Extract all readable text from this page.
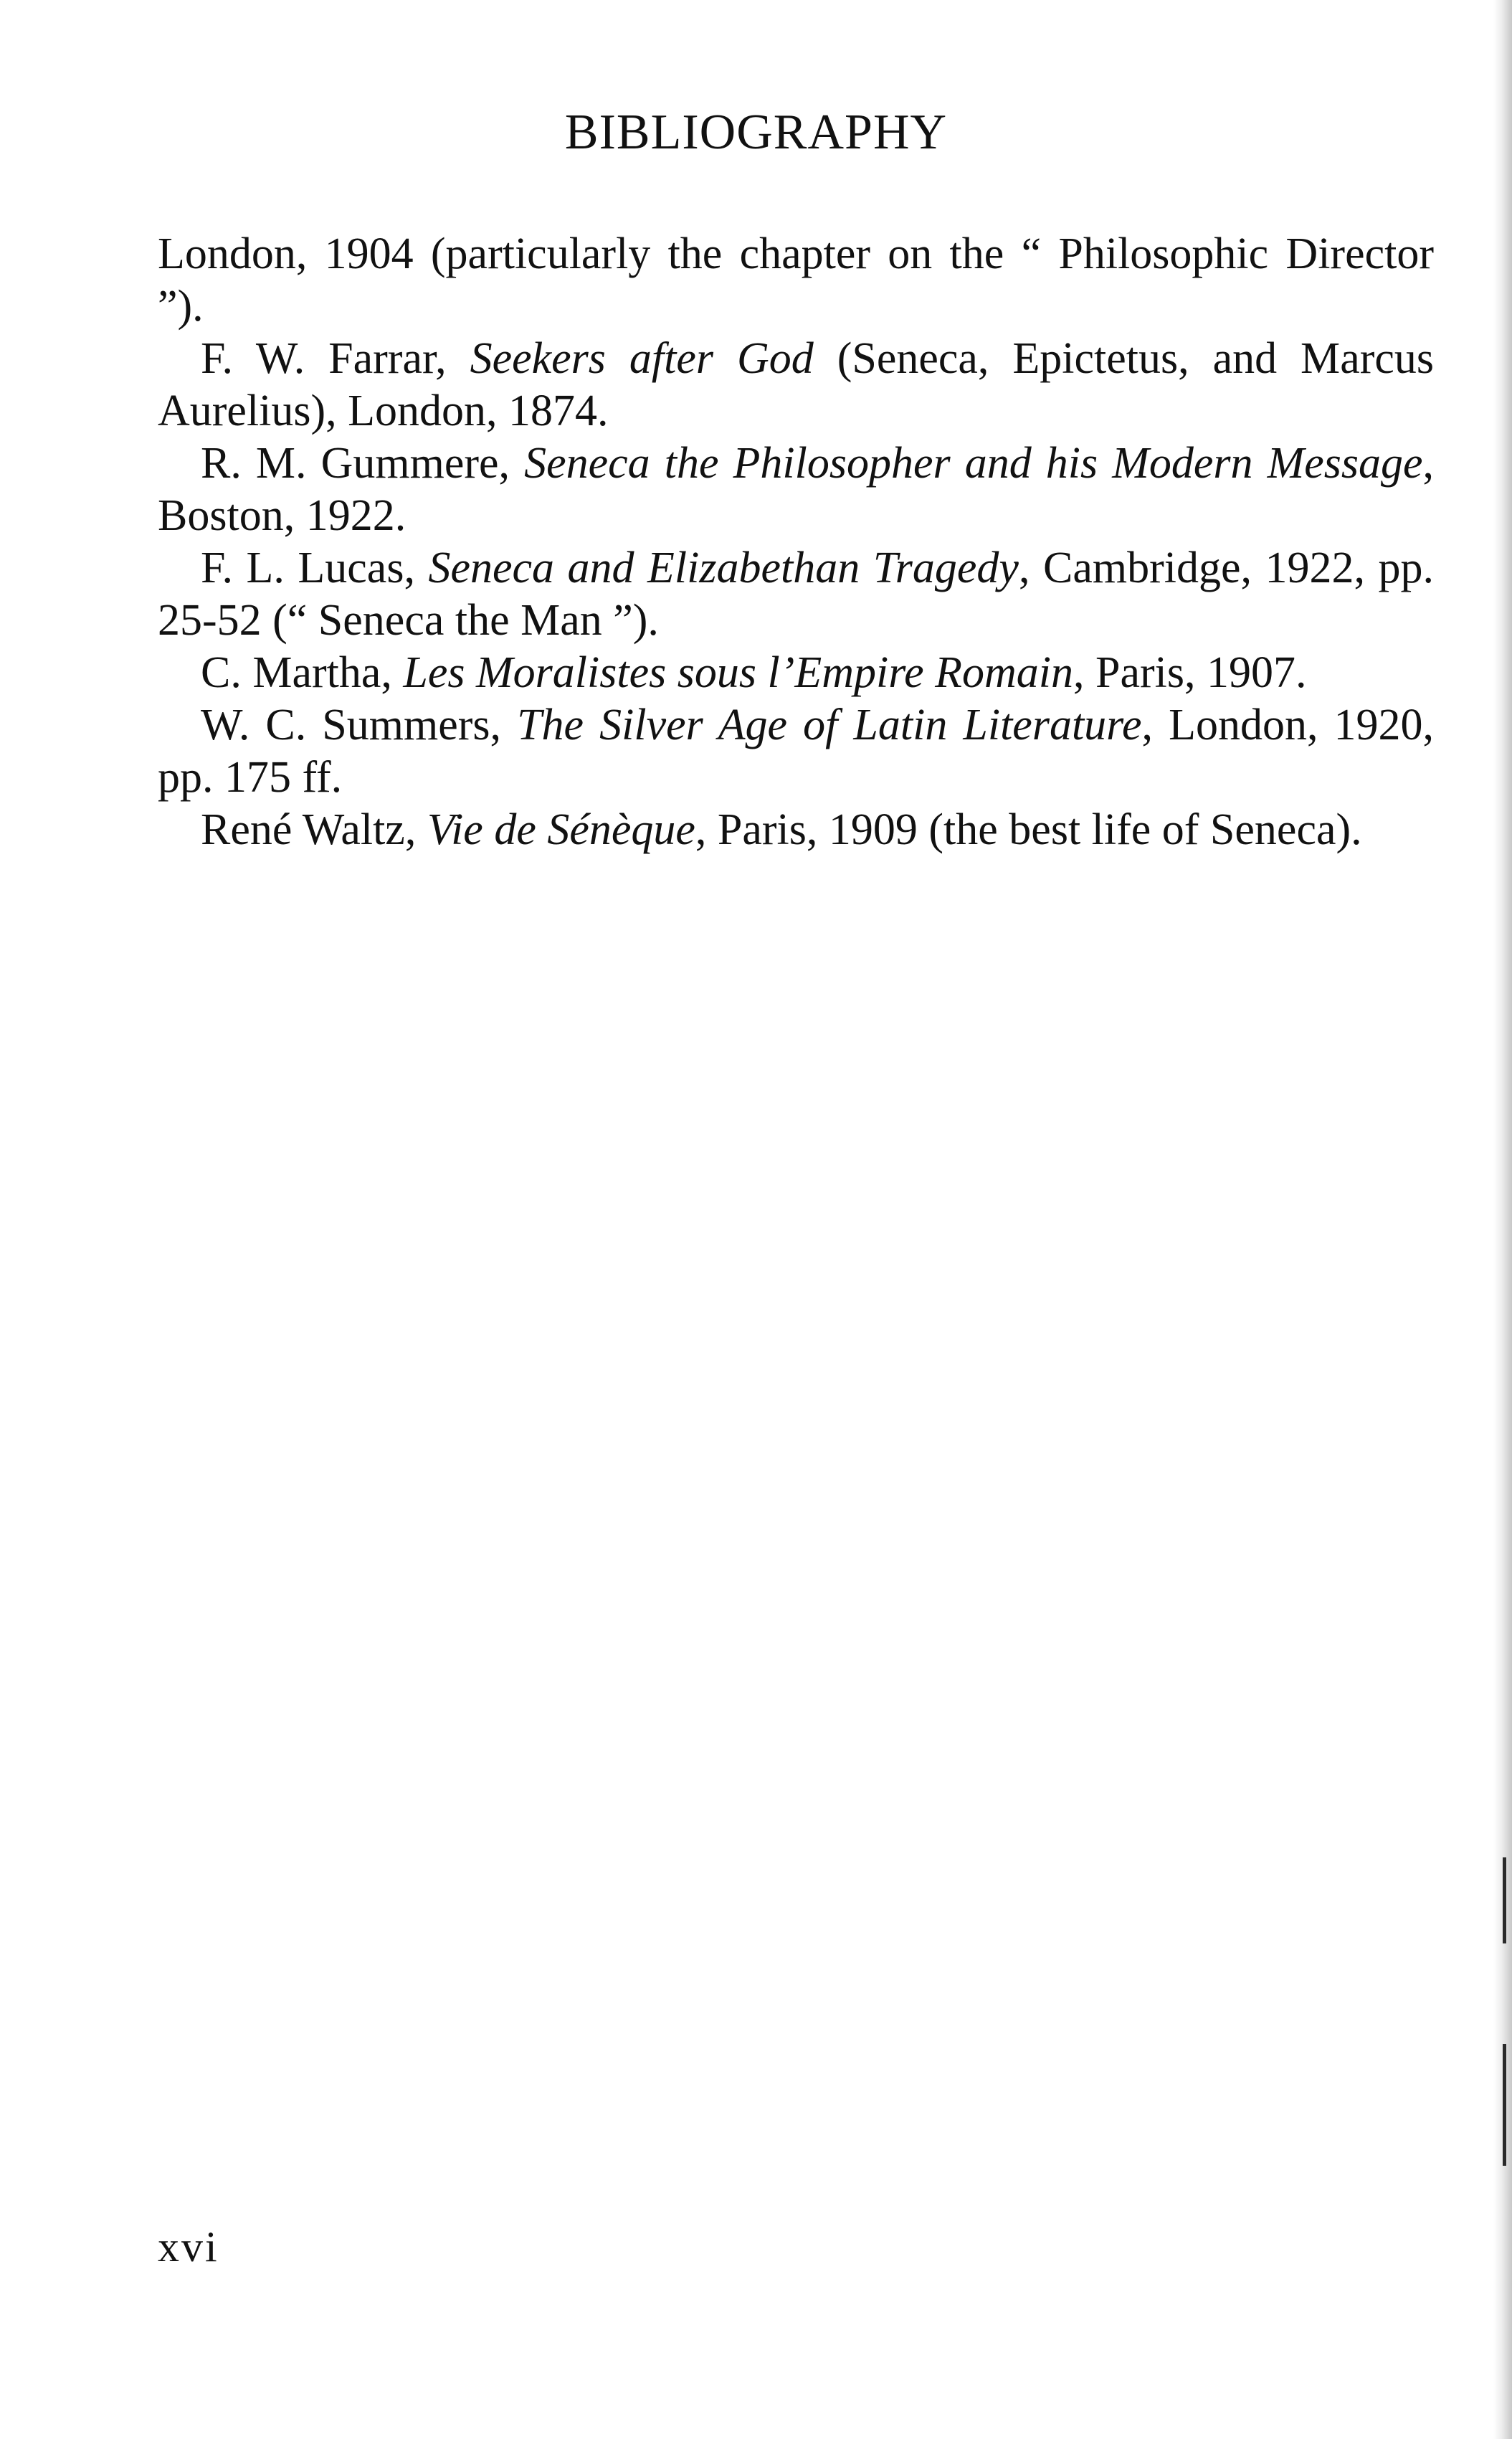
BIBLIOGRAPHY

London, 1904 (particularly the chapter on the “ Philosophic Director ”).

F. W. Farrar, Seekers after God (Seneca, Epictetus, and Marcus Aurelius), London, 1874.

R. M. Gummere, Seneca the Philosopher and his Modern Message, Boston, 1922.

F. L. Lucas, Seneca and Elizabethan Tragedy, Cambridge, 1922, pp. 25-52 (“ Seneca the Man ”).

C. Martha, Les Moralistes sous l’Empire Romain, Paris, 1907.

W. C. Summers, The Silver Age of Latin Literature, London, 1920, pp. 175 ff.

René Waltz, Vie de Sénèque, Paris, 1909 (the best life of Seneca).

xvi
